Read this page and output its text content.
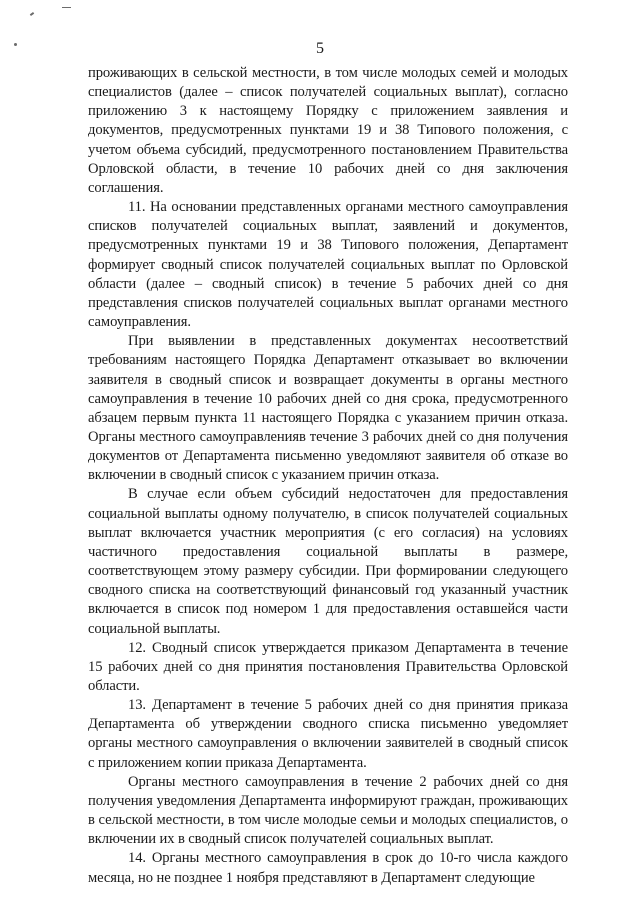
5

проживающих в сельской местности, в том числе молодых семей и молодых специалистов (далее – список получателей социальных выплат), согласно приложению 3 к настоящему Порядку с приложением заявления и документов, предусмотренных пунктами 19 и 38 Типового положения, с учетом объема субсидий, предусмотренного постановлением Правительства Орловской области, в течение 10 рабочих дней со дня заключения соглашения.

11. На основании представленных органами местного самоуправления списков получателей социальных выплат, заявлений и документов, предусмотренных пунктами 19 и 38 Типового положения, Департамент формирует сводный список получателей социальных выплат по Орловской области (далее – сводный список) в течение 5 рабочих дней со дня представления списков получателей социальных выплат органами местного самоуправления.

При выявлении в представленных документах несоответствий требованиям настоящего Порядка Департамент отказывает во включении заявителя в сводный список и возвращает документы в органы местного самоуправления в течение 10 рабочих дней со дня срока, предусмотренного абзацем первым пункта 11 настоящего Порядка с указанием причин отказа. Органы местного самоуправленияв течение 3 рабочих дней со дня получения документов от Департамента письменно уведомляют заявителя об отказе во включении в сводный список с указанием причин отказа.

В случае если объем субсидий недостаточен для предоставления социальной выплаты одному получателю, в список получателей социальных выплат включается участник мероприятия (с его согласия) на условиях частичного предоставления социальной выплаты в размере, соответствующем этому размеру субсидии. При формировании следующего сводного списка на соответствующий финансовый год указанный участник включается в список под номером 1 для предоставления оставшейся части социальной выплаты.

12. Сводный список утверждается приказом Департамента в течение 15 рабочих дней со дня принятия постановления Правительства Орловской области.

13. Департамент в течение 5 рабочих дней со дня принятия приказа Департамента об утверждении сводного списка письменно уведомляет органы местного самоуправления о включении заявителей в сводный список с приложением копии приказа Департамента.

Органы местного самоуправления в течение 2 рабочих дней со дня получения уведомления Департамента информируют граждан, проживающих в сельской местности, в том числе молодые семьи и молодых специалистов, о включении их в сводный список получателей социальных выплат.

14. Органы местного самоуправления в срок до 10-го числа каждого месяца, но не позднее 1 ноября представляют в Департамент следующие
